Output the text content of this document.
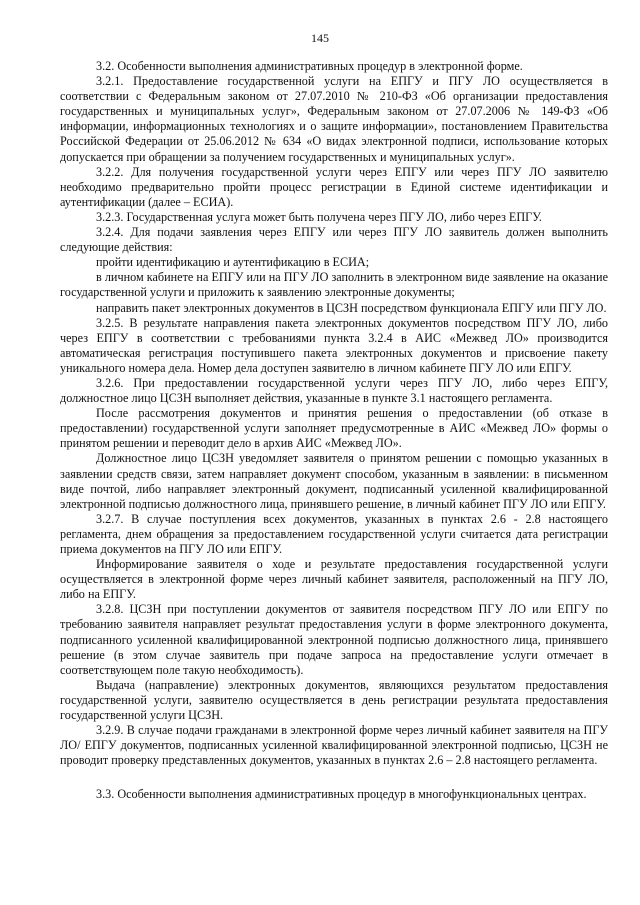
145

3.2. Особенности выполнения административных процедур в электронной форме.

3.2.1. Предоставление государственной услуги на ЕПГУ и ПГУ ЛО осуществляется в соответствии с Федеральным законом от 27.07.2010 № 210-ФЗ «Об организации предоставления государственных и муниципальных услуг», Федеральным законом от 27.07.2006 № 149-ФЗ «Об информации, информационных технологиях и о защите информации», постановлением Правительства Российской Федерации от 25.06.2012 № 634 «О видах электронной подписи, использование которых допускается при обращении за получением государственных и муниципальных услуг».

3.2.2. Для получения государственной услуги через ЕПГУ или через ПГУ ЛО заявителю необходимо предварительно пройти процесс регистрации в Единой системе идентификации и аутентификации (далее – ЕСИА).

3.2.3. Государственная услуга может быть получена через ПГУ ЛО, либо через ЕПГУ.

3.2.4. Для подачи заявления через ЕПГУ или через ПГУ ЛО заявитель должен выполнить следующие действия:

пройти идентификацию и аутентификацию в ЕСИА;

в личном кабинете на ЕПГУ или на ПГУ ЛО заполнить в электронном виде заявление на оказание государственной услуги и приложить к заявлению электронные документы;

направить пакет электронных документов в ЦСЗН посредством функционала ЕПГУ или ПГУ ЛО.

3.2.5. В результате направления пакета электронных документов посредством ПГУ ЛО, либо через ЕПГУ в соответствии с требованиями пункта 3.2.4 в АИС «Межвед ЛО» производится автоматическая регистрация поступившего пакета электронных документов и присвоение пакету уникального номера дела. Номер дела доступен заявителю в личном кабинете ПГУ ЛО или ЕПГУ.

3.2.6. При предоставлении государственной услуги через ПГУ ЛО, либо через ЕПГУ, должностное лицо ЦСЗН выполняет действия, указанные в пункте 3.1 настоящего регламента.

После рассмотрения документов и принятия решения о предоставлении (об отказе в предоставлении) государственной услуги заполняет предусмотренные в АИС «Межвед ЛО» формы о принятом решении и переводит дело в архив АИС «Межвед ЛО».

Должностное лицо ЦСЗН уведомляет заявителя о принятом решении с помощью указанных в заявлении средств связи, затем направляет документ способом, указанным в заявлении: в письменном виде почтой, либо направляет электронный документ, подписанный усиленной квалифицированной электронной подписью должностного лица, принявшего решение, в личный кабинет ПГУ ЛО или ЕПГУ.

3.2.7. В случае поступления всех документов, указанных в пунктах 2.6 - 2.8 настоящего регламента, днем обращения за предоставлением государственной услуги считается дата регистрации приема документов на ПГУ ЛО или ЕПГУ.

Информирование заявителя о ходе и результате предоставления государственной услуги осуществляется в электронной форме через личный кабинет заявителя, расположенный на ПГУ ЛО, либо на ЕПГУ.

3.2.8. ЦСЗН при поступлении документов от заявителя посредством ПГУ ЛО или ЕПГУ по требованию заявителя направляет результат предоставления услуги в форме электронного документа, подписанного усиленной квалифицированной электронной подписью должностного лица, принявшего решение (в этом случае заявитель при подаче запроса на предоставление услуги отмечает в соответствующем поле такую необходимость).

Выдача (направление) электронных документов, являющихся результатом предоставления государственной услуги, заявителю осуществляется в день регистрации результата предоставления государственной услуги ЦСЗН.

3.2.9. В случае подачи гражданами в электронной форме через личный кабинет заявителя на ПГУ ЛО/ ЕПГУ документов, подписанных усиленной квалифицированной электронной подписью, ЦСЗН не проводит проверку представленных документов, указанных в пунктах 2.6 – 2.8 настоящего регламента.

3.3. Особенности выполнения административных процедур в многофункциональных центрах.
